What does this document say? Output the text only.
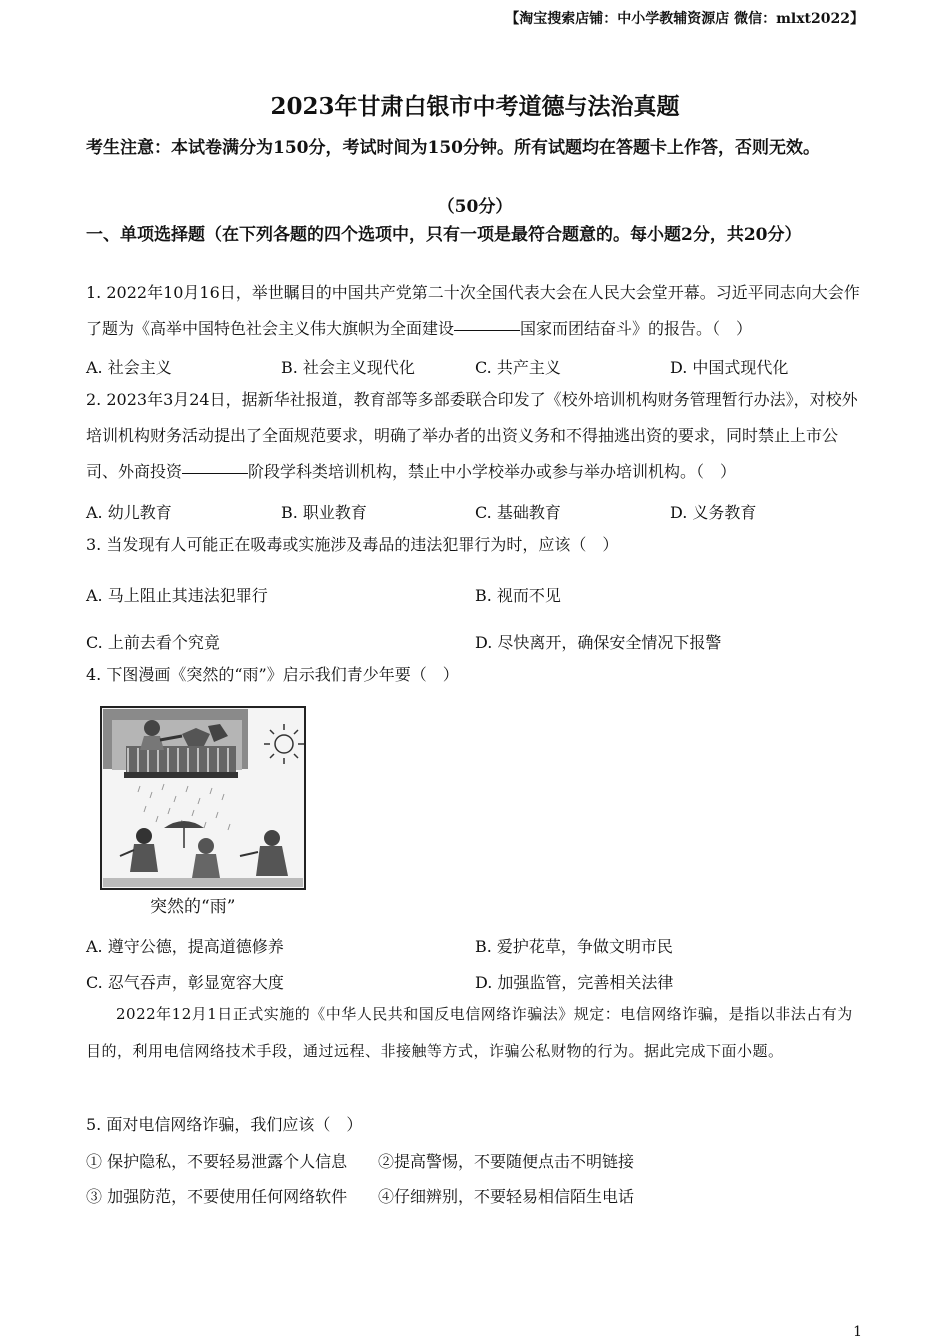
【淘宝搜索店铺：中小学教辅资源店 微信：mlxt2022】
2023年甘肃白银市中考道德与法治真题
考生注意：本试卷满分为150分，考试时间为150分钟。所有试题均在答题卡上作答，否则无效。
（50分）
一、单项选择题（在下列各题的四个选项中，只有一项是最符合题意的。每小题2分，共20分）
1. 2022年10月16日，举世瞩目的中国共产党第二十次全国代表大会在人民大会堂开幕。习近平同志向大会作了题为《高举中国特色社会主义伟大旗帜为全面建设	国家而团结奋斗》的报告。（　）
A. 社会主义	B. 社会主义现代化	C. 共产主义	D. 中国式现代化
2. 2023年3月24日，据新华社报道，教育部等多部委联合印发了《校外培训机构财务管理暂行办法》，对校外培训机构财务活动提出了全面规范要求，明确了举办者的出资义务和不得抽逃出资的要求，同时禁止上市公司、外商投资	阶段学科类培训机构，禁止中小学校举办或参与举办培训机构。（　）
A. 幼儿教育	B. 职业教育	C. 基础教育	D. 义务教育
3. 当发现有人可能正在吸毒或实施涉及毒品的违法犯罪行为时，应该（　）
A. 马上阻止其违法犯罪行	B. 视而不见
C. 上前去看个究竟	D. 尽快离开，确保安全情况下报警
4. 下图漫画《突然的“雨”》启示我们青少年要（　）
突然的“雨”
A. 遵守公德，提高道德修养	B. 爱护花草，争做文明市民
C. 忍气吞声，彰显宽容大度	D. 加强监管，完善相关法律
2022年12月1日正式实施的《中华人民共和国反电信网络诈骗法》规定：电信网络诈骗，是指以非法占有为目的，利用电信网络技术手段，通过远程、非接触等方式，诈骗公私财物的行为。据此完成下面小题。
5. 面对电信网络诈骗，我们应该（　）
① 保护隐私，不要轻易泄露个人信息 ②提高警惕，不要随便点击不明链接
③ 加强防范，不要使用任何网络软件 ④仔细辨别，不要轻易相信陌生电话
1
